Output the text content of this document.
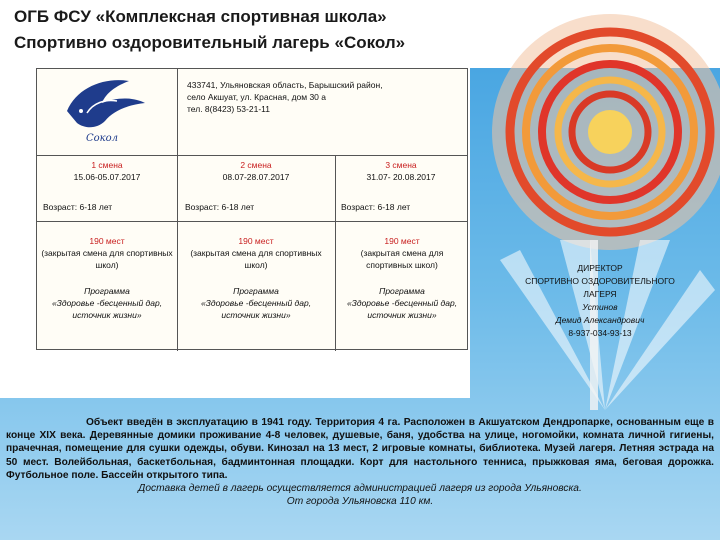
ОГБ ФСУ «Комплексная спортивная школа»
Спортивно оздоровительный лагерь «Сокол»
Сокол
433741, Ульяновская область, Барышский район,
село Акшуат, ул. Красная, дом 30 а
тел. 8(8423) 53-21-11
1 смена
15.06-05.07.2017
Возраст: 6-18 лет
190 мест
(закрытая смена для спортивных школ)
Программа
«Здоровье -бесценный дар, источник жизни»
2 смена
08.07-28.07.2017
Возраст: 6-18 лет
190 мест
(закрытая смена для спортивных школ)
Программа
«Здоровье -бесценный дар, источник жизни»
3 смена
31.07- 20.08.2017
Возраст: 6-18 лет
190 мест
(закрытая смена для спортивных школ)
Программа
«Здоровье -бесценный дар, источник жизни»
ДИРЕКТОР
СПОРТИВНО ОЗДОРОВИТЕЛЬНОГО
ЛАГЕРЯ
Устинов
Демид Александрович
8-937-034-93-13
Объект введён в эксплуатацию в 1941 году. Территория 4 га. Расположен в Акшуатском Дендропарке, основанным еще в конце XIX века. Деревянные домики проживание 4-8 человек, душевые, баня, удобства на улице, ногомойки, комната личной гигиены, прачечная, помещение для сушки одежды, обуви. Кинозал на 13 мест, 2 игровые комнаты, библиотека. Музей лагеря. Летняя эстрада на 50 мест. Волейбольная, баскетбольная, бадминтонная площадки. Корт для настольного тенниса, прыжковая яма, беговая дорожка. Футбольное поле. Бассейн открытого типа.
Доставка детей в лагерь осуществляется администрацией лагеря из города Ульяновска.
От города Ульяновска 110 км.
